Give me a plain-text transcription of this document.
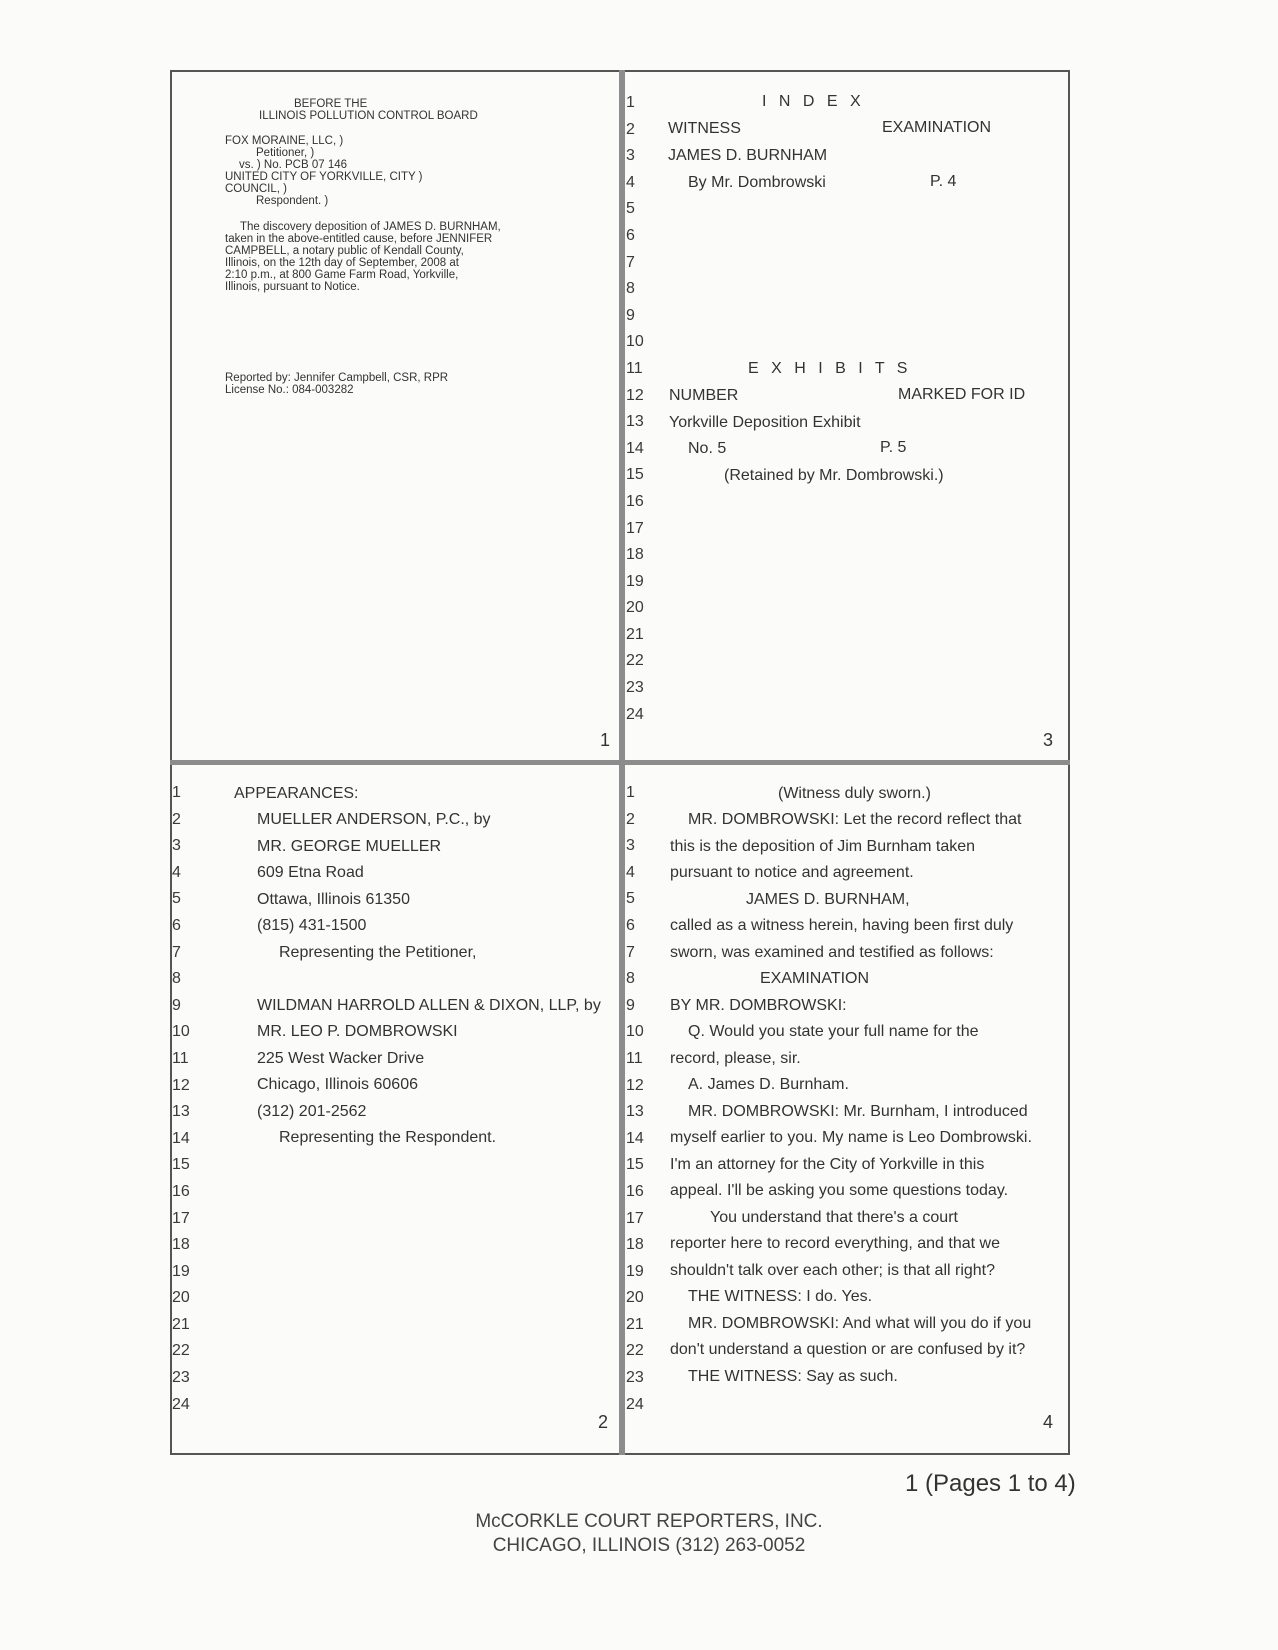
BEFORE THE
ILLINOIS POLLUTION CONTROL BOARD
FOX MORAINE, LLC, )
Petitioner, )
vs. ) No. PCB 07 146
UNITED CITY OF YORKVILLE, CITY )
COUNCIL, )
Respondent. )
The discovery deposition of JAMES D. BURNHAM,
taken in the above-entitled cause, before JENNIFER
CAMPBELL, a notary public of Kendall County,
Illinois, on the 12th day of September, 2008 at
2:10 p.m., at 800 Game Farm Road, Yorkville,
Illinois, pursuant to Notice.
Reported by: Jennifer Campbell, CSR, RPR
License No.: 084-003282
1
1
2
3
4
5
6
7
8
9
10
11
12
13
14
15
16
17
18
19
20
21
22
23
24
I N D E X
WITNESS	EXAMINATION
JAMES D. BURNHAM
By Mr. Dombrowski	P. 4
E X H I B I T S
NUMBER	MARKED FOR ID
Yorkville Deposition Exhibit
No. 5	P. 5
(Retained by Mr. Dombrowski.)
3
1
2
3
4
5
6
7
8
9
10
11
12
13
14
15
16
17
18
19
20
21
22
23
24
APPEARANCES:
MUELLER ANDERSON, P.C., by
MR. GEORGE MUELLER
609 Etna Road
Ottawa, Illinois 61350
(815) 431-1500
Representing the Petitioner,
WILDMAN HARROLD ALLEN & DIXON, LLP, by
MR. LEO P. DOMBROWSKI
225 West Wacker Drive
Chicago, Illinois 60606
(312) 201-2562
Representing the Respondent.
2
1
2
3
4
5
6
7
8
9
10
11
12
13
14
15
16
17
18
19
20
21
22
23
24
(Witness duly sworn.)
MR. DOMBROWSKI: Let the record reflect that
this is the deposition of Jim Burnham taken
pursuant to notice and agreement.
JAMES D. BURNHAM,
called as a witness herein, having been first duly
sworn, was examined and testified as follows:
EXAMINATION
BY MR. DOMBROWSKI:
Q. Would you state your full name for the
record, please, sir.
A. James D. Burnham.
MR. DOMBROWSKI: Mr. Burnham, I introduced
myself earlier to you. My name is Leo Dombrowski.
I'm an attorney for the City of Yorkville in this
appeal. I'll be asking you some questions today.
You understand that there's a court
reporter here to record everything, and that we
shouldn't talk over each other; is that all right?
THE WITNESS: I do. Yes.
MR. DOMBROWSKI: And what will you do if you
don't understand a question or are confused by it?
THE WITNESS: Say as such.
4
1 (Pages 1 to 4)
McCORKLE COURT REPORTERS, INC.
CHICAGO, ILLINOIS (312) 263-0052
